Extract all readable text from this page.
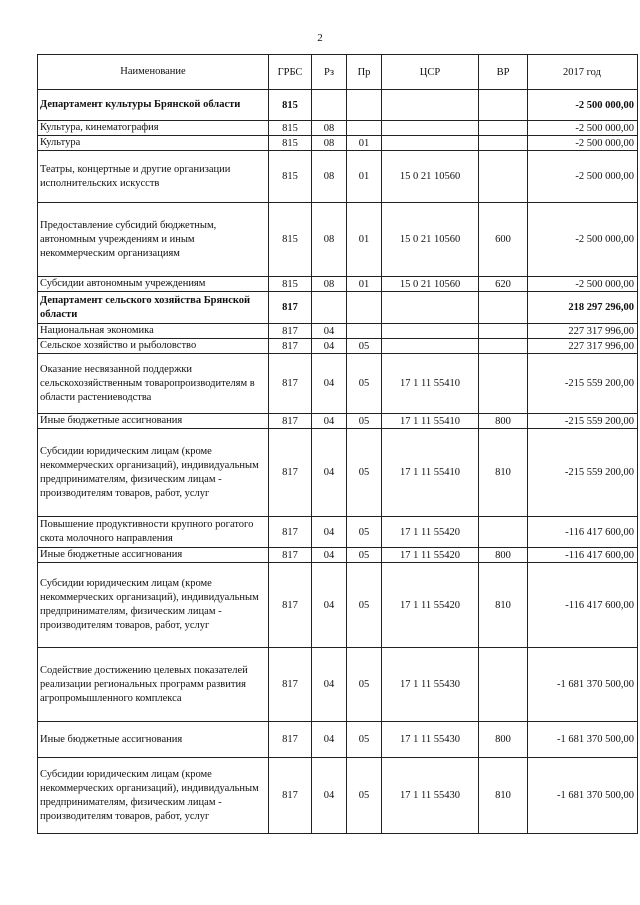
2
Наименование	ГРБС	Рз	Пр	ЦСР	ВР	2017 год
Департамент культуры Брянской области	815					-2 500 000,00
Культура, кинематография	815	08				-2 500 000,00
Культура	815	08	01			-2 500 000,00
Театры, концертные и другие организации исполнительских искусств	815	08	01	15 0 21 10560		-2 500 000,00
Предоставление субсидий бюджетным, автономным учреждениям и иным некоммерческим организациям	815	08	01	15 0 21 10560	600	-2 500 000,00
Субсидии автономным учреждениям	815	08	01	15 0 21 10560	620	-2 500 000,00
Департамент сельского хозяйства Брянской области	817					218 297 296,00
Национальная экономика	817	04				227 317 996,00
Сельское хозяйство и рыболовство	817	04	05			227 317 996,00
Оказание несвязанной поддержки сельскохозяйственным товаропроизводителям в области растениеводства	817	04	05	17 1 11 55410		-215 559 200,00
Иные бюджетные ассигнования	817	04	05	17 1 11 55410	800	-215 559 200,00
Субсидии юридическим лицам (кроме некоммерческих организаций), индивидуальным предпринимателям, физическим лицам - производителям товаров, работ, услуг	817	04	05	17 1 11 55410	810	-215 559 200,00
Повышение продуктивности крупного рогатого скота молочного направления	817	04	05	17 1 11 55420		-116 417 600,00
Иные бюджетные ассигнования	817	04	05	17 1 11 55420	800	-116 417 600,00
Субсидии юридическим лицам (кроме некоммерческих организаций), индивидуальным предпринимателям, физическим лицам - производителям товаров, работ, услуг	817	04	05	17 1 11 55420	810	-116 417 600,00
Содействие достижению целевых показателей реализации региональных программ развития агропромышленного комплекса	817	04	05	17 1 11 55430		-1 681 370 500,00
Иные бюджетные ассигнования	817	04	05	17 1 11 55430	800	-1 681 370 500,00
Субсидии юридическим лицам (кроме некоммерческих организаций), индивидуальным предпринимателям, физическим лицам - производителям товаров, работ, услуг	817	04	05	17 1 11 55430	810	-1 681 370 500,00
